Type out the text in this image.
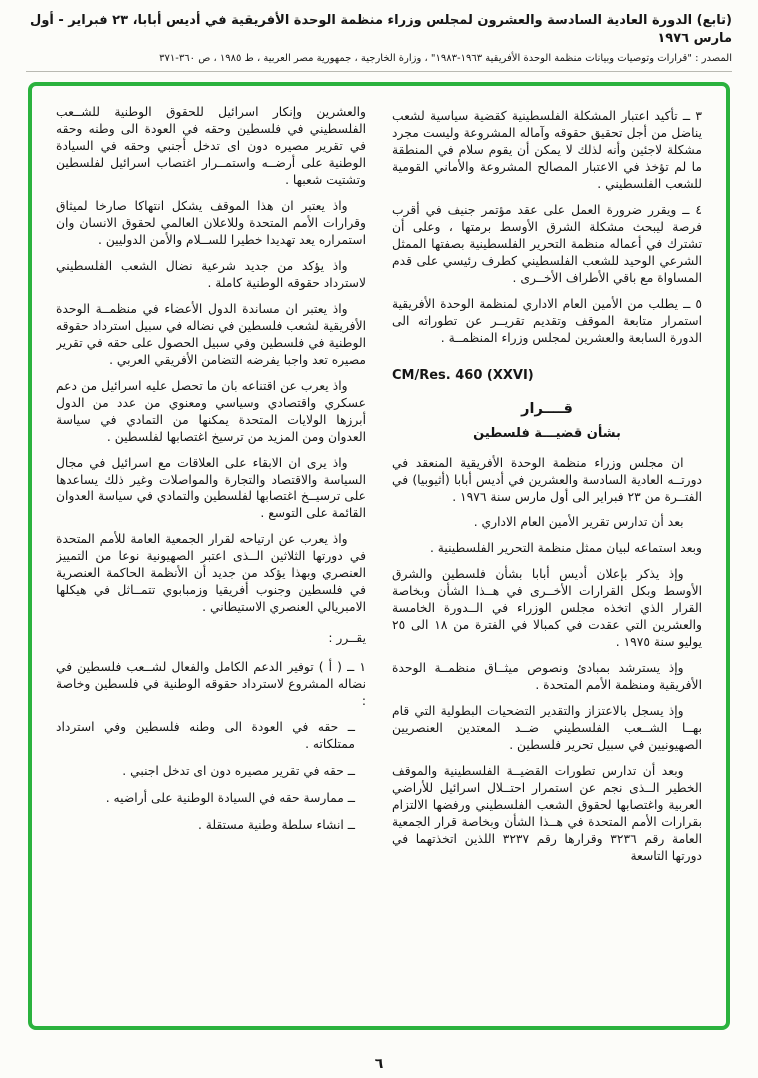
(تابع) الدورة العادية السادسة والعشرون لمجلس وزراء منظمة الوحدة الأفريقية في أديس أبابا، ٢٣ فبراير - أول مارس ١٩٧٦
المصدر : "قرارات وتوصيات وبيانات منظمة الوحدة الأفريقية ١٩٦٣-١٩٨٣" ، وزارة الخارجية ، جمهورية مصر العربية ، ط ١٩٨٥ ، ص ٣٦٠-٣٧١

٣ ــ تأكيد اعتبار المشكلة الفلسطينية كقضية سياسية لشعب يناضل من أجل تحقيق حقوقه وآماله المشروعة وليست مجرد مشكلة لاجئين وأنه لذلك لا يمكن أن يقوم سلام في المنطقة ما لم تؤخذ في الاعتبار المصالح المشروعة والأماني القومية للشعب الفلسطيني .

٤ ــ ويقرر ضرورة العمل على عقد مؤتمر جنيف في أقرب فرصة ليبحث مشكلة الشرق الأوسط برمتها ، وعلى أن تشترك في أعماله منظمة التحرير الفلسطينية بصفتها الممثل الشرعي الوحيد للشعب الفلسطيني كطرف رئيسي على قدم المساواة مع باقي الأطراف الأخــرى .

٥ ــ يطلب من الأمين العام الاداري لمنظمة الوحدة الأفريقية استمرار متابعة الموقف وتقديم تقريــر عن تطوراته الى الدورة السابعة والعشرين لمجلس وزراء المنظمــة .

CM/Res. 460 (XXVI)

قــــرار

بشأن قضيـــة فلسطين

ان مجلس وزراء منظمة الوحدة الأفريقية المنعقد في دورتــه العادية السادسة والعشرين في أديس أبابا (أثيوبيا) في الفتــرة من ٢٣ فبراير الى أول مارس سنة ١٩٧٦ .

بعد أن تدارس تقرير الأمين العام الاداري .

وبعد استماعه لبيان ممثل منظمة التحرير الفلسطينية .

وإذ يذكر بإعلان أديس أبابا بشأن فلسطين والشرق الأوسط وبكل القرارات الأخــرى في هــذا الشأن وبخاصة القرار الذي اتخذه مجلس الوزراء في الــدورة الخامسة والعشرين التي عقدت في كمبالا في الفترة من ١٨ الى ٢٥ يوليو سنة ١٩٧٥ .

وإذ يسترشد بمبادئ ونصوص ميثــاق منظمــة الوحدة الأفريقية ومنظمة الأمم المتحدة .

وإذ يسجل بالاعتزاز والتقدير التضحيات البطولية التي قام بهــا الشــعب الفلسطيني ضــد المعتدين العنصريين الصهيونيين في سبيل تحرير فلسطين .

وبعد أن تدارس تطورات القضيــة الفلسطينية والموقف الخطير الــذى نجم عن استمرار احتــلال اسرائيل للأراضي العربية واغتصابها لحقوق الشعب الفلسطيني ورفضها الالتزام بقرارات الأمم المتحدة في هــذا الشأن وبخاصة قرار الجمعية العامة رقم ٣٢٣٦ وقرارها رقم ٣٢٣٧ اللذين اتخذتهما في دورتها التاسعة

والعشرين وإنكار اسرائيل للحقوق الوطنية للشــعب الفلسطيني في فلسطين وحقه في العودة الى وطنه وحقه في تقرير مصيره دون اى تدخل أجنبي وحقه في السيادة الوطنية على أرضــه واستمــرار اغتصاب اسرائيل لفلسطين وتشتيت شعبها .

واذ يعتبر ان هذا الموقف يشكل انتهاكا صارخا لميثاق وقرارات الأمم المتحدة وللاعلان العالمي لحقوق الانسان وان استمراره يعد تهديدا خطيرا للســلام والأمن الدوليين .

واذ يؤكد من جديد شرعية نضال الشعب الفلسطيني لاسترداد حقوقه الوطنية كاملة .

واذ يعتبر ان مساندة الدول الأعضاء في منظمــة الوحدة الأفريقية لشعب فلسطين في نضاله في سبيل استرداد حقوقه الوطنية في فلسطين وفي سبيل الحصول على حقه في تقرير مصيره تعد واجبا يفرضه التضامن الأفريقي العربي .

واذ يعرب عن اقتناعه بان ما تحصل عليه اسرائيل من دعم عسكري واقتصادي وسياسي ومعنوي من عدد من الدول أبرزها الولايات المتحدة يمكنها من التمادي في سياسة العدوان ومن المزيد من ترسيخ اغتصابها لفلسطين .

واذ يرى ان الابقاء على العلاقات مع اسرائيل في مجال السياسة والاقتصاد والتجارة والمواصلات وغير ذلك يساعدها على ترسيــخ اغتصابها لفلسطين والتمادي في سياسة العدوان القائمة على التوسع .

واذ يعرب عن ارتياحه لقرار الجمعية العامة للأمم المتحدة في دورتها الثلاثين الــذى اعتبر الصهيونية نوعا من التمييز العنصري وبهذا يؤكد من جديد أن الأنظمة الحاكمة العنصرية في فلسطين وجنوب أفريقيا وزمبابوي تتمــاثل في هيكلها الامبريالي العنصري الاستيطاني .

يقــرر :

١ ــ ( أ ) توفير الدعم الكامل والفعال لشــعب فلسطين في نضاله المشروع لاسترداد حقوقه الوطنية في فلسطين وخاصة :

ــ حقه في العودة الى وطنه فلسطين وفي استرداد ممتلكاته .

ــ حقه في تقرير مصيره دون اى تدخل اجنبي .

ــ ممارسة حقه في السيادة الوطنية على أراضيه .

ــ انشاء سلطة وطنية مستقلة .

٦
